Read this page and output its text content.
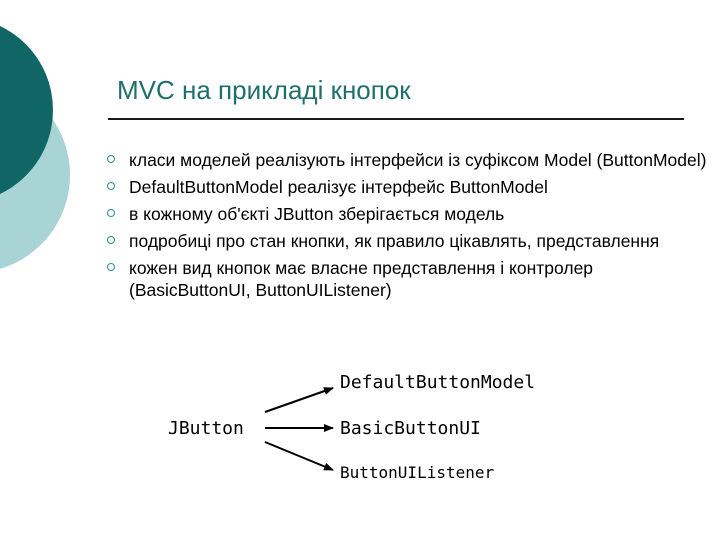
MVC на прикладі кнопок
класи моделей реалізують інтерфейси із суфіксом Model (ButtonModel)
DefaultButtonModel реалізує інтерфейс ButtonModel
в кожному об'єкті JButton зберігається модель
подробиці про стан кнопки, як правило цікавлять, представлення
кожен вид кнопок має власне представлення і контролер (BasicButtonUI, ButtonUIListener)
DefaultButtonModel
JButton	BasicButtonUI
ButtonUIListener
